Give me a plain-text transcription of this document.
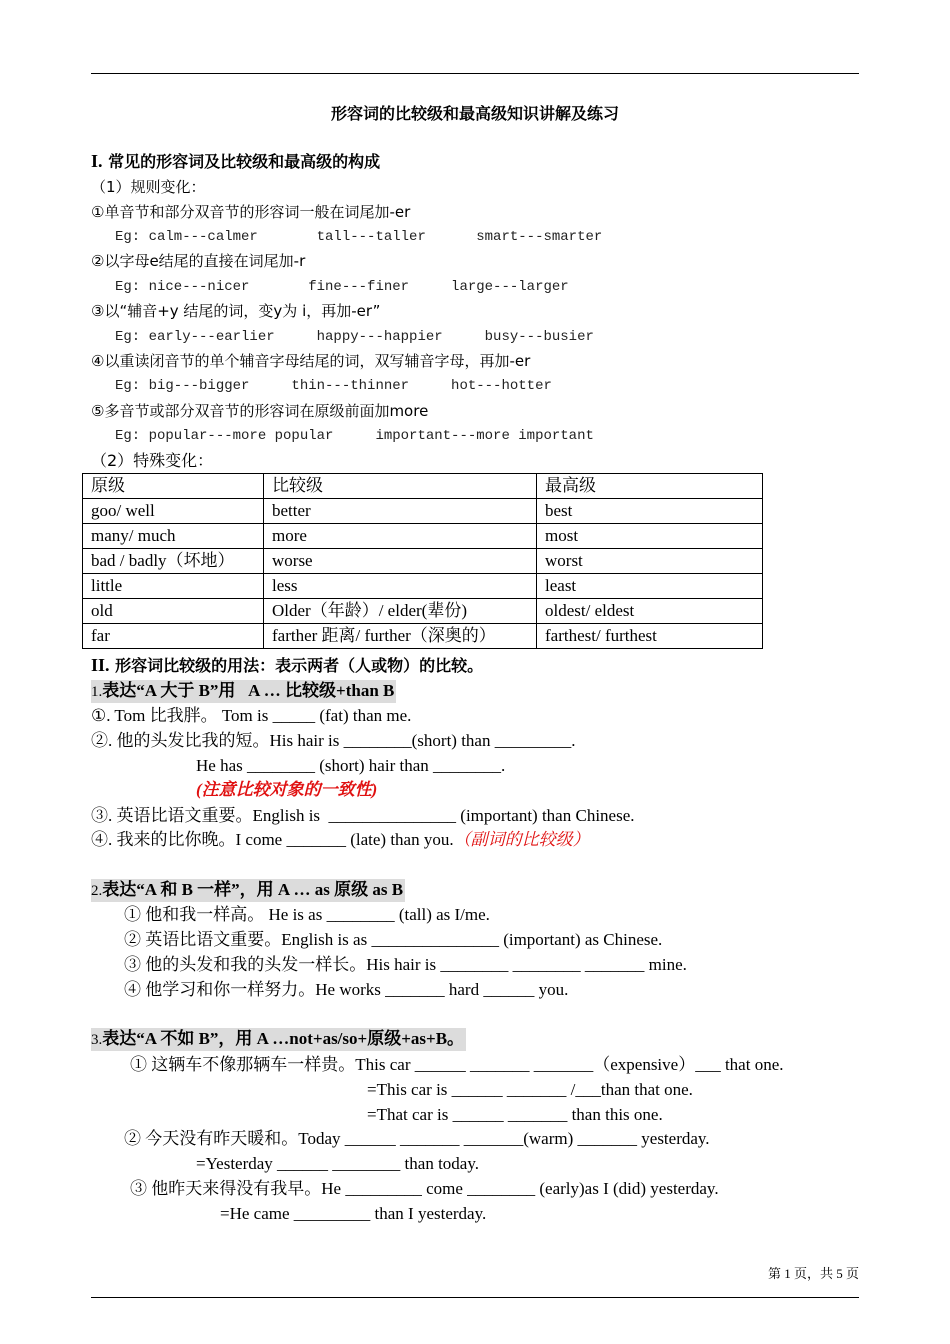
形容词的比较级和最高级知识讲解及练习
I. 常见的形容词及比较级和最高级的构成
（1）规则变化：
①单音节和部分双音节的形容词一般在词尾加-er
Eg: calm---calmer       tall---taller      smart---smarter
②以字母e结尾的直接在词尾加-r
Eg: nice---nicer       fine---finer     large---larger
③以“辅音+y 结尾的词，变y为 i，再加-er”
Eg: early---earlier     happy---happier     busy---busier
④以重读闭音节的单个辅音字母结尾的词，双写辅音字母，再加-er
Eg: big---bigger     thin---thinner     hot---hotter
⑤多音节或部分双音节的形容词在原级前面加more
Eg: popular---more popular     important---more important
（2）特殊变化：
原级	比较级	最高级
goo/ well	better	best
many/ much	more	most
bad / badly（坏地）	worse	worst
little	less	least
old	Older（年龄）/ elder(辈份)	oldest/ eldest
far	farther 距离/ further（深奥的）	farthest/ furthest
II. 形容词比较级的用法：表示两者（人或物）的比较。
1.表达“A 大于 B”用   A … 比较级+than B
①. Tom 比我胖。 Tom is _____ (fat) than me.
②. 他的头发比我的短。His hair is ________(short) than _________.
He has ________ (short) hair than ________.
(注意比较对象的一致性)
③. 英语比语文重要。English is  _______________ (important) than Chinese.
④. 我来的比你晚。I come _______ (late) than you.（副词的比较级）
2.表达“A 和 B 一样”，用 A … as 原级 as B
① 他和我一样高。 He is as ________ (tall) as I/me.
② 英语比语文重要。English is as _______________ (important) as Chinese.
③ 他的头发和我的头发一样长。His hair is ________ ________ _______ mine.
④ 他学习和你一样努力。He works _______ hard ______ you.
3.表达“A 不如 B”，用 A …not+as/so+原级+as+B。
① 这辆车不像那辆车一样贵。This car ______ _______ _______（expensive）___ that one.
=This car is ______ _______ /___than that one.
=That car is ______ _______ than this one.
② 今天没有昨天暖和。Today ______ _______ _______(warm) _______ yesterday.
=Yesterday ______ ________ than today.
③ 他昨天来得没有我早。He _________ come ________ (early)as I (did) yesterday.
=He came _________ than I yesterday.
第 1 页，共 5 页
